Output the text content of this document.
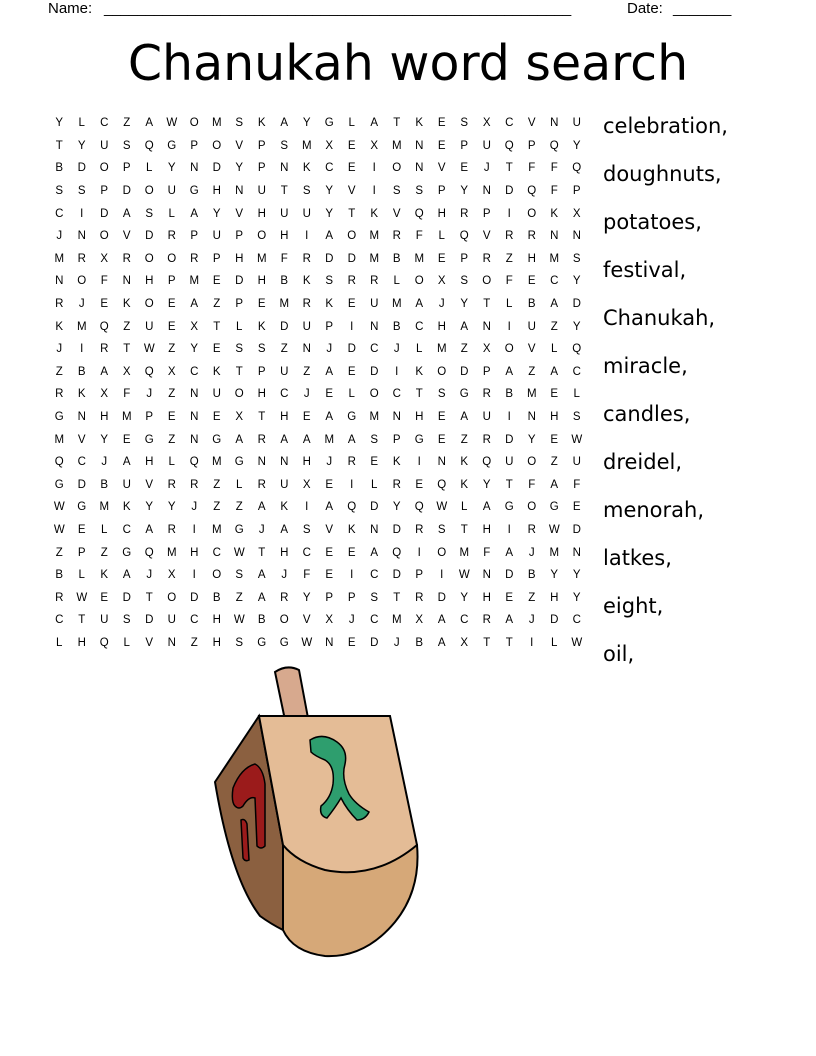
Name: ________________________________________________________	Date: _______
Chanukah word search
Y	L	C	Z	A	W	O	M	S	K	A	Y	G	L	A	T	K	E	S	X	C	V	N	U
T	Y	U	S	Q	G	P	O	V	P	S	M	X	E	X	M	N	E	P	U	Q	P	Q	Y
B	D	O	P	L	Y	N	D	Y	P	N	K	C	E	I	O	N	V	E	J	T	F	F	Q
S	S	P	D	O	U	G	H	N	U	T	S	Y	V	I	S	S	P	Y	N	D	Q	F	P
C	I	D	A	S	L	A	Y	V	H	U	U	Y	T	K	V	Q	H	R	P	I	O	K	X
J	N	O	V	D	R	P	U	P	O	H	I	A	O	M	R	F	L	Q	V	R	R	N	N
M	R	X	R	O	O	R	P	H	M	F	R	D	D	M	B	M	E	P	R	Z	H	M	S
N	O	F	N	H	P	M	E	D	H	B	K	S	R	R	L	O	X	S	O	F	E	C	Y
R	J	E	K	O	E	A	Z	P	E	M	R	K	E	U	M	A	J	Y	T	L	B	A	D
K	M	Q	Z	U	E	X	T	L	K	D	U	P	I	N	B	C	H	A	N	I	U	Z	Y
J	I	R	T	W	Z	Y	E	S	S	Z	N	J	D	C	J	L	M	Z	X	O	V	L	Q
Z	B	A	X	Q	X	C	K	T	P	U	Z	A	E	D	I	K	O	D	P	A	Z	A	C
R	K	X	F	J	Z	N	U	O	H	C	J	E	L	O	C	T	S	G	R	B	M	E	L
G	N	H	M	P	E	N	E	X	T	H	E	A	G	M	N	H	E	A	U	I	N	H	S
M	V	Y	E	G	Z	N	G	A	R	A	A	M	A	S	P	G	E	Z	R	D	Y	E	W
Q	C	J	A	H	L	Q	M	G	N	N	H	J	R	E	K	I	N	K	Q	U	O	Z	U
G	D	B	U	V	R	R	Z	L	R	U	X	E	I	L	R	E	Q	K	Y	T	F	A	F
W	G	M	K	Y	Y	J	Z	Z	A	K	I	A	Q	D	Y	Q	W	L	A	G	O	G	E
W	E	L	C	A	R	I	M	G	J	A	S	V	K	N	D	R	S	T	H	I	R	W	D
Z	P	Z	G	Q	M	H	C	W	T	H	C	E	E	A	Q	I	O	M	F	A	J	M	N
B	L	K	A	J	X	I	O	S	A	J	F	E	I	C	D	P	I	W	N	D	B	Y	Y
R	W	E	D	T	O	D	B	Z	A	R	Y	P	P	S	T	R	D	Y	H	E	Z	H	Y
C	T	U	S	D	U	C	H	W	B	O	V	X	J	C	M	X	A	C	R	A	J	D	C
L	H	Q	L	V	N	Z	H	S	G	G	W	N	E	D	J	B	A	X	T	T	I	L	W
celebration,
doughnuts,
potatoes,
festival,
Chanukah,
miracle,
candles,
dreidel,
menorah,
latkes,
eight,
oil,
